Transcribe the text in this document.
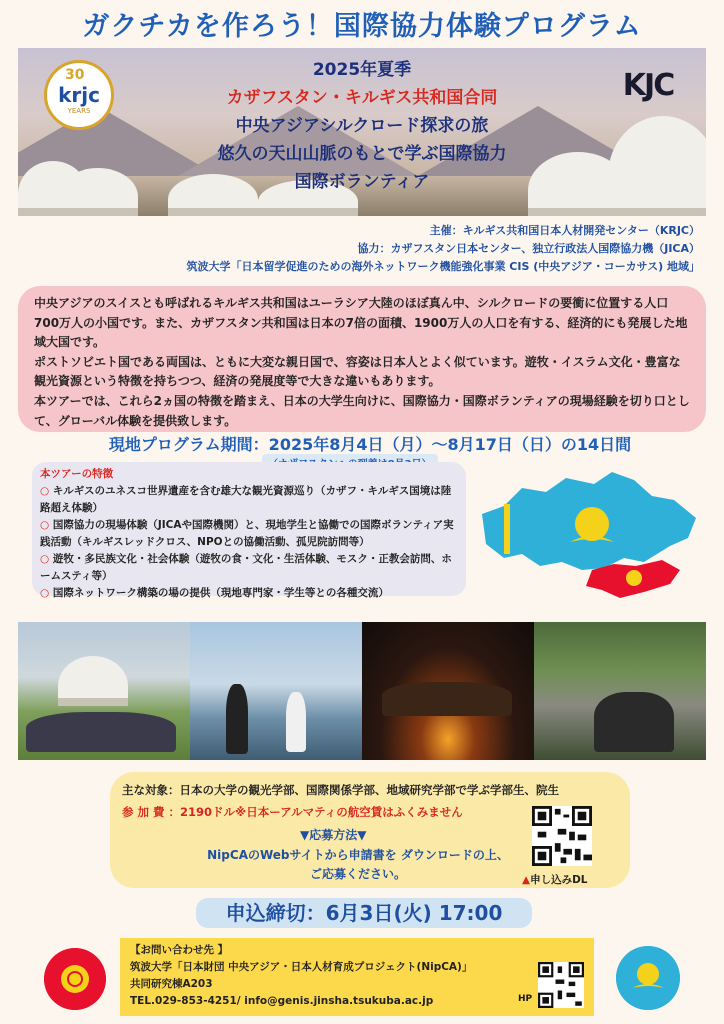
ガクチカを作ろう！国際協力体験プログラム
2025年夏季
カザフスタン・キルギス共和国合同
中央アジアシルクロード探求の旅
悠久の天山山脈のもとで学ぶ国際協力
国際ボランティア
30
krjc
YEARS
KJC
主催：キルギス共和国日本人材開発センター（KRJC）
協力：カザフスタン日本センター、独立行政法人国際協力機（JICA）
筑波大学「日本留学促進のための海外ネットワーク機能強化事業 CIS (中央アジア・コーカサス) 地域」

中央アジアのスイスとも呼ばれるキルギス共和国はユーラシア大陸のほぼ真ん中、シルクロードの要衝に位置する人口700万人の小国です。また、カザフスタン共和国は日本の7倍の面積、1900万人の人口を有する、経済的にも発展した地域大国です。

ポストソビエト国である両国は、ともに大変な親日国で、容姿は日本人とよく似ています。遊牧・イスラム文化・豊富な観光資源という特徴を持ちつつ、経済の発展度等で大きな違いもあります。

本ツアーでは、これら2ヵ国の特徴を踏まえ、日本の大学生向けに、国際協力・国際ボランティアの現場経験を切り口として、グローバル体験を提供致します。

現地プログラム期間：2025年8月4日（月）〜8月17日（日）の14日間
本ツアーの特徴
○ キルギスのユネスコ世界遺産を含む雄大な観光資源巡り（カザフ・キルギス国境は陸路超え体験）
○ 国際協力の現場体験（JICAや国際機関）と、現地学生と協働での国際ボランティア実践活動（キルギスレッドクロス、NPOとの協働活動、孤児院訪問等）
○ 遊牧・多民族文化・社会体験（遊牧の食・文化・生活体験、モスク・正教会訪問、ホームスティ等）
○ 国際ネットワーク構築の場の提供（現地専門家・学生等との各種交流）
主な対象：日本の大学の観光学部、国際関係学部、地域研究学部で学ぶ学部生、院生
参 加 費 ：2190ドル※日本ーアルマティの航空賃はふくみません
▼応募方法▼
NipCAのWebサイトから申請書を ダウンロードの上、
ご応募ください。	▲申し込みDL
申込締切：6月3日(火) 17:00
【お問い合わせ先 】
筑波大学「日本財団 中央アジア・日本人材育成プロジェクト(NipCA)」
共同研究棟A203
TEL.029-853-4251/ info@genis.jinsha.tsukuba.ac.jp	HP
